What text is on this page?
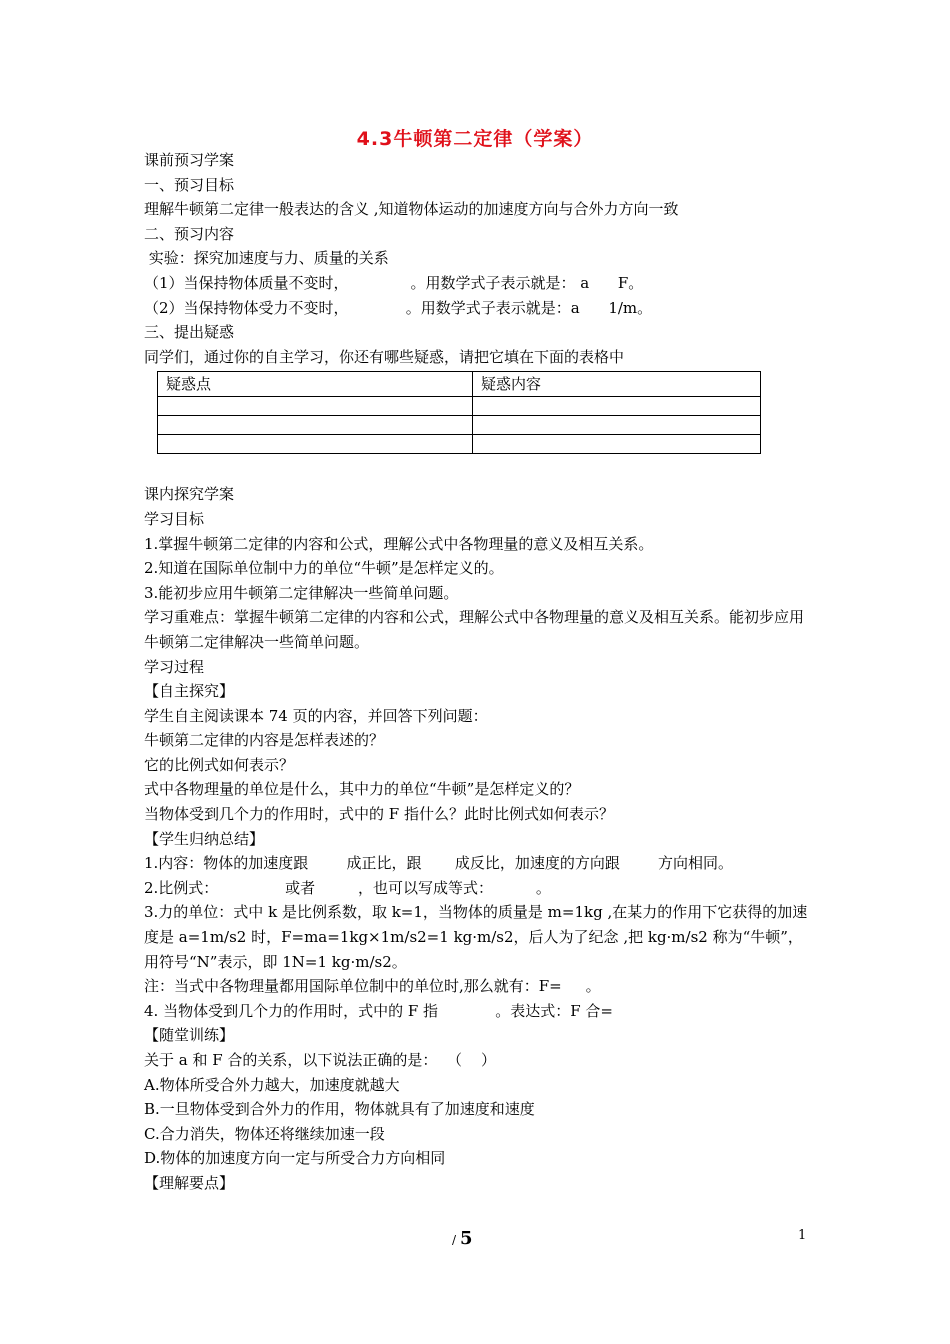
4.3牛顿第二定律（学案）
课前预习学案
一、预习目标
理解牛顿第二定律一般表达的含义 ,知道物体运动的加速度方向与合外力方向一致
二、预习内容
实验：探究加速度与力、质量的关系
（1）当保持物体质量不变时，             。用数学式子表示就是： a      F。
（2）当保持物体受力不变时，            。用数学式子表示就是：a      1/m。
三、提出疑惑
同学们，通过你的自主学习，你还有哪些疑惑，请把它填在下面的表格中
疑惑点	疑惑内容

课内探究学案
学习目标
1.掌握牛顿第二定律的内容和公式，理解公式中各物理量的意义及相互关系。
2.知道在国际单位制中力的单位“牛顿”是怎样定义的。
3.能初步应用牛顿第二定律解决一些简单问题。
学习重难点：掌握牛顿第二定律的内容和公式，理解公式中各物理量的意义及相互关系。能初步应用牛顿第二定律解决一些简单问题。
学习过程
【自主探究】
学生自主阅读课本 74 页的内容，并回答下列问题：
牛顿第二定律的内容是怎样表述的？
它的比例式如何表示？
式中各物理量的单位是什么，其中力的单位“牛顿”是怎样定义的？
当物体受到几个力的作用时，式中的 F 指什么？此时比例式如何表示？
【学生归纳总结】
1.内容：物体的加速度跟        成正比，跟       成反比，加速度的方向跟        方向相同。
2.比例式：              或者         ，也可以写成等式：         。
3.力的单位：式中 k 是比例系数，取 k=1，当物体的质量是 m=1kg ,在某力的作用下它获得的加速度是 a=1m/s2 时，F=ma=1kg×1m/s2=1 kg·m/s2，后人为了纪念 ,把 kg·m/s2 称为“牛顿”，用符号“N”表示，即 1N=1 kg·m/s2。
注：当式中各物理量都用国际单位制中的单位时,那么就有：F=     。
4. 当物体受到几个力的作用时，式中的 F 指            。表达式：F 合=
【随堂训练】
关于 a 和 F 合的关系，以下说法正确的是：  （    ）
A.物体所受合外力越大，加速度就越大
B.一旦物体受到合外力的作用，物体就具有了加速度和速度
C.合力消失，物体还将继续加速一段
D.物体的加速度方向一定与所受合力方向相同
【理解要点】
/ 5	1
